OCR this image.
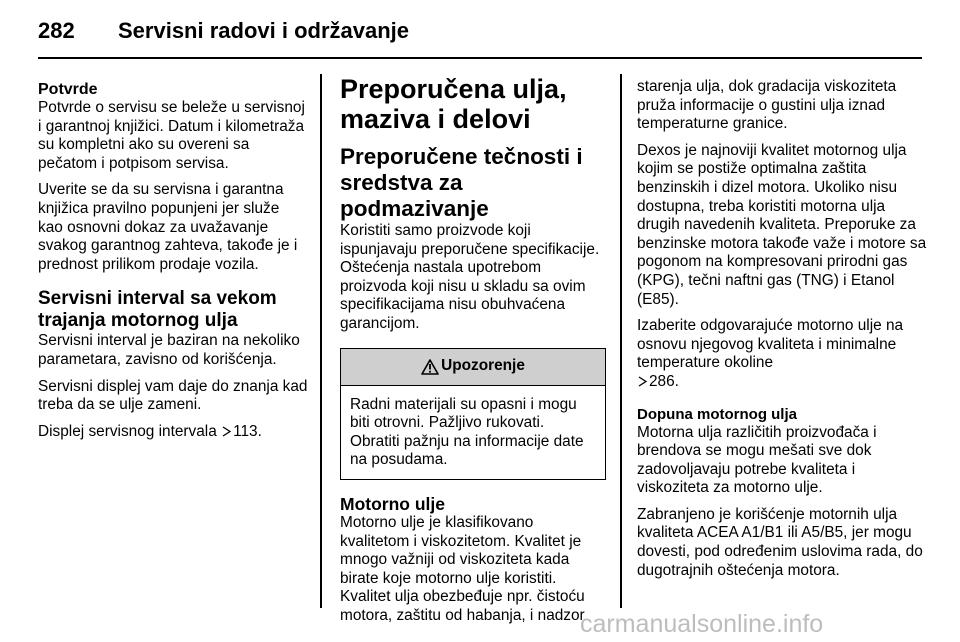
282	Servisni radovi i održavanje
Potvrde

Potvrde o servisu se beleže u servisnoj i garantnoj knjižici. Datum i kilometraža su kompletni ako su overeni sa pečatom i potpisom servisa.

Uverite se da su servisna i garantna knjižica pravilno popunjeni jer služe kao osnovni dokaz za uvažavanje svakog garantnog zahteva, takođe je i prednost prilikom prodaje vozila.

Servisni interval sa vekom trajanja motornog ulja

Servisni interval je baziran na nekoliko parametara, zavisno od korišćenja.

Servisni displej vam daje do znanja kad treba da se ulje zameni.

Displej servisnog intervala 113.

Preporučena ulja, maziva i delovi
Preporučene tečnosti i sredstva za podmazivanje

Koristiti samo proizvode koji ispunjavaju preporučene specifikacije. Oštećenja nastala upotrebom proizvoda koji nisu u skladu sa ovim specifikacijama nisu obuhvaćena garancijom.

Upozorenje
Radni materijali su opasni i mogu biti otrovni. Pažljivo rukovati. Obratiti pažnju na informacije date na posudama.
Motorno ulje

Motorno ulje je klasifikovano kvalitetom i viskozitetom. Kvalitet je mnogo važniji od viskoziteta kada birate koje motorno ulje koristiti. Kvalitet ulja obezbeđuje npr. čistoću motora, zaštitu od habanja, i nadzor

starenja ulja, dok gradacija viskoziteta pruža informacije o gustini ulja iznad temperaturne granice.

Dexos je najnoviji kvalitet motornog ulja kojim se postiže optimalna zaštita benzinskih i dizel motora. Ukoliko nisu dostupna, treba koristiti motorna ulja drugih navedenih kvaliteta. Preporuke za benzinske motora takođe važe i motore sa pogonom na kompresovani prirodni gas (KPG), tečni naftni gas (TNG) i Etanol (E85).

Izaberite odgovarajuće motorno ulje na osnovu njegovog kvaliteta i minimalne temperature okoline
286.

Dopuna motornog ulja

Motorna ulja različitih proizvođača i brendova se mogu mešati sve dok zadovoljavaju potrebe kvaliteta i viskoziteta za motorno ulje.

Zabranjeno je korišćenje motornih ulja kvaliteta ACEA A1/B1 ili A5/B5, jer mogu dovesti, pod određenim uslovima rada, do dugotrajnih oštećenja motora.

carmanualsonline.info
